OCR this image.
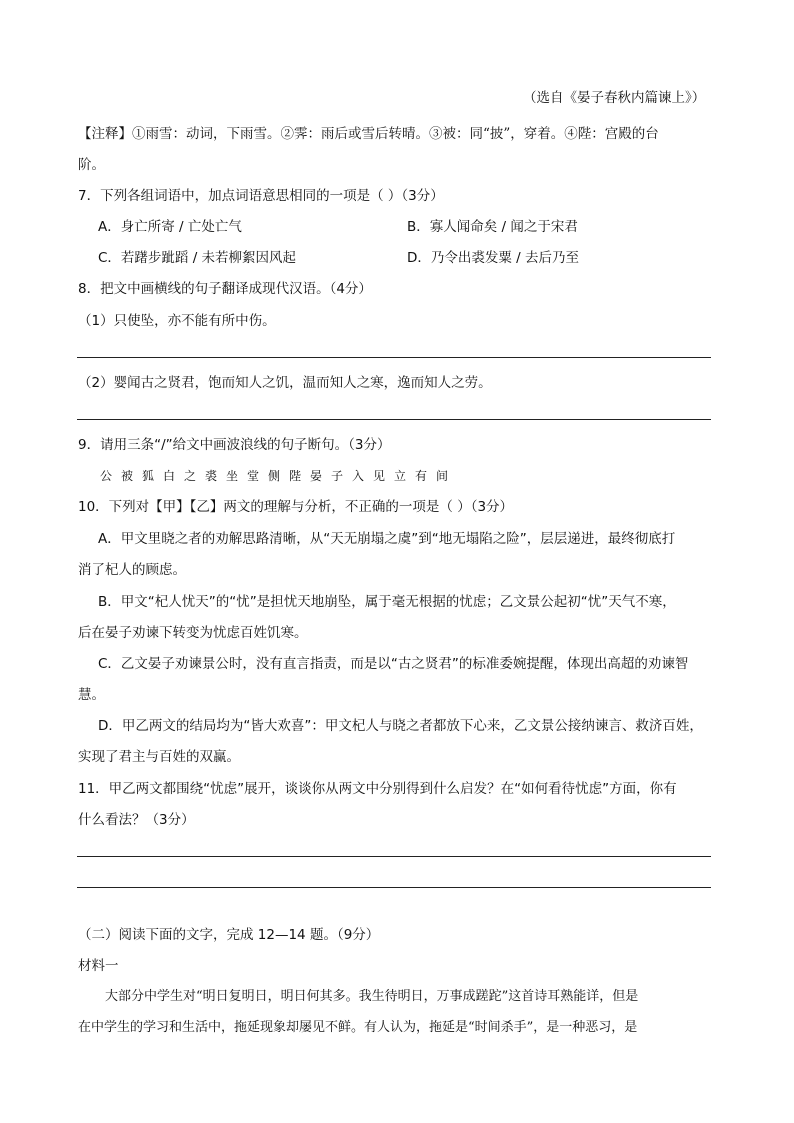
（选自《晏子春秋内篇谏上》）
【注释】①雨雪：动词，下雨雪。②霁：雨后或雪后转晴。③被：同“披”，穿着。④陛：宫殿的台
阶。
7．下列各组词语中，加点词语意思相同的一项是（ ）（3分）
A．身亡所寄 / 亡处亡气	B．寡人闻命矣 / 闻之于宋君
C．若躇步跐蹈 / 未若柳絮因风起	D．乃令出裘发粟 / 去后乃至
8．把文中画横线的句子翻译成现代汉语。（4分）
（1）只使坠，亦不能有所中伤。
（2）婴闻古之贤君，饱而知人之饥，温而知人之寒，逸而知人之劳。
9．请用三条“/”给文中画波浪线的句子断句。（3分）
公被狐白之裘坐堂侧陛晏子入见立有间
10．下列对【甲】【乙】两文的理解与分析，不正确的一项是（ ）（3分）
A．甲文里晓之者的劝解思路清晰，从“天无崩塌之虞”到“地无塌陷之险”，层层递进，最终彻底打
消了杞人的顾虑。
B．甲文“杞人忧天”的“忧”是担忧天地崩坠，属于毫无根据的忧虑；乙文景公起初“忧”天气不寒，
后在晏子劝谏下转变为忧虑百姓饥寒。
C．乙文晏子劝谏景公时，没有直言指责，而是以“古之贤君”的标准委婉提醒，体现出高超的劝谏智
慧。
D．甲乙两文的结局均为“皆大欢喜”：甲文杞人与晓之者都放下心来，乙文景公接纳谏言、救济百姓，
实现了君主与百姓的双赢。
11．甲乙两文都围绕“忧虑”展开，谈谈你从两文中分别得到什么启发？在“如何看待忧虑”方面，你有
什么看法？（3分）
（二）阅读下面的文字，完成 12—14 题。（9分）
材料一
大部分中学生对“明日复明日，明日何其多。我生待明日，万事成蹉跎”这首诗耳熟能详，但是
在中学生的学习和生活中，拖延现象却屡见不鲜。有人认为，拖延是“时间杀手”，是一种恶习，是
